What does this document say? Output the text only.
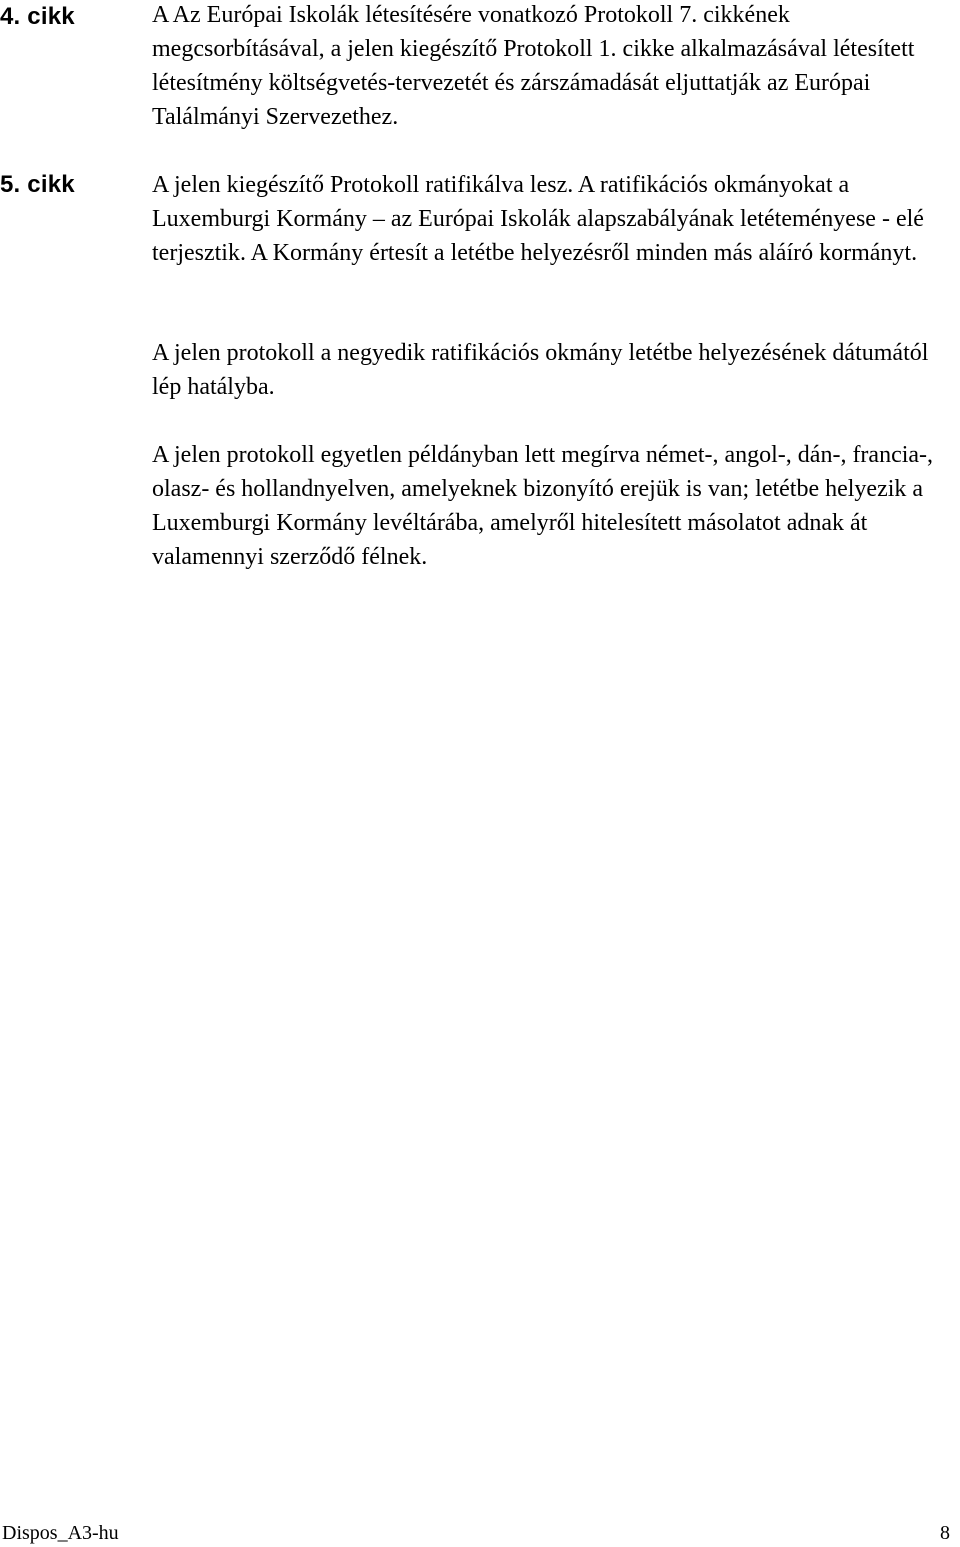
4. cikk	A Az Európai Iskolák létesítésére vonatkozó Protokoll 7. cikkének megcsorbításával, a jelen kiegészítő Protokoll 1. cikke alkalmazásával létesített létesítmény költségvetés-tervezetét és zárszámadását eljuttatják az Európai Találmányi Szervezethez.

5. cikk	A jelen kiegészítő Protokoll ratifikálva lesz. A ratifikációs okmányokat a Luxemburgi Kormány – az Európai Iskolák alapszabályának letéteményese - elé terjesztik. A Kormány értesít a letétbe helyezésről minden más aláíró kormányt.

A jelen protokoll a negyedik ratifikációs okmány letétbe helyezésének dátumától lép hatályba.

A jelen protokoll egyetlen példányban lett megírva német-, angol-, dán-, francia-, olasz- és hollandnyelven, amelyeknek bizonyító erejük is van; letétbe helyezik a Luxemburgi Kormány levéltárába, amelyről hitelesített másolatot adnak át valamennyi szerződő félnek.

Dispos_A3-hu	8
